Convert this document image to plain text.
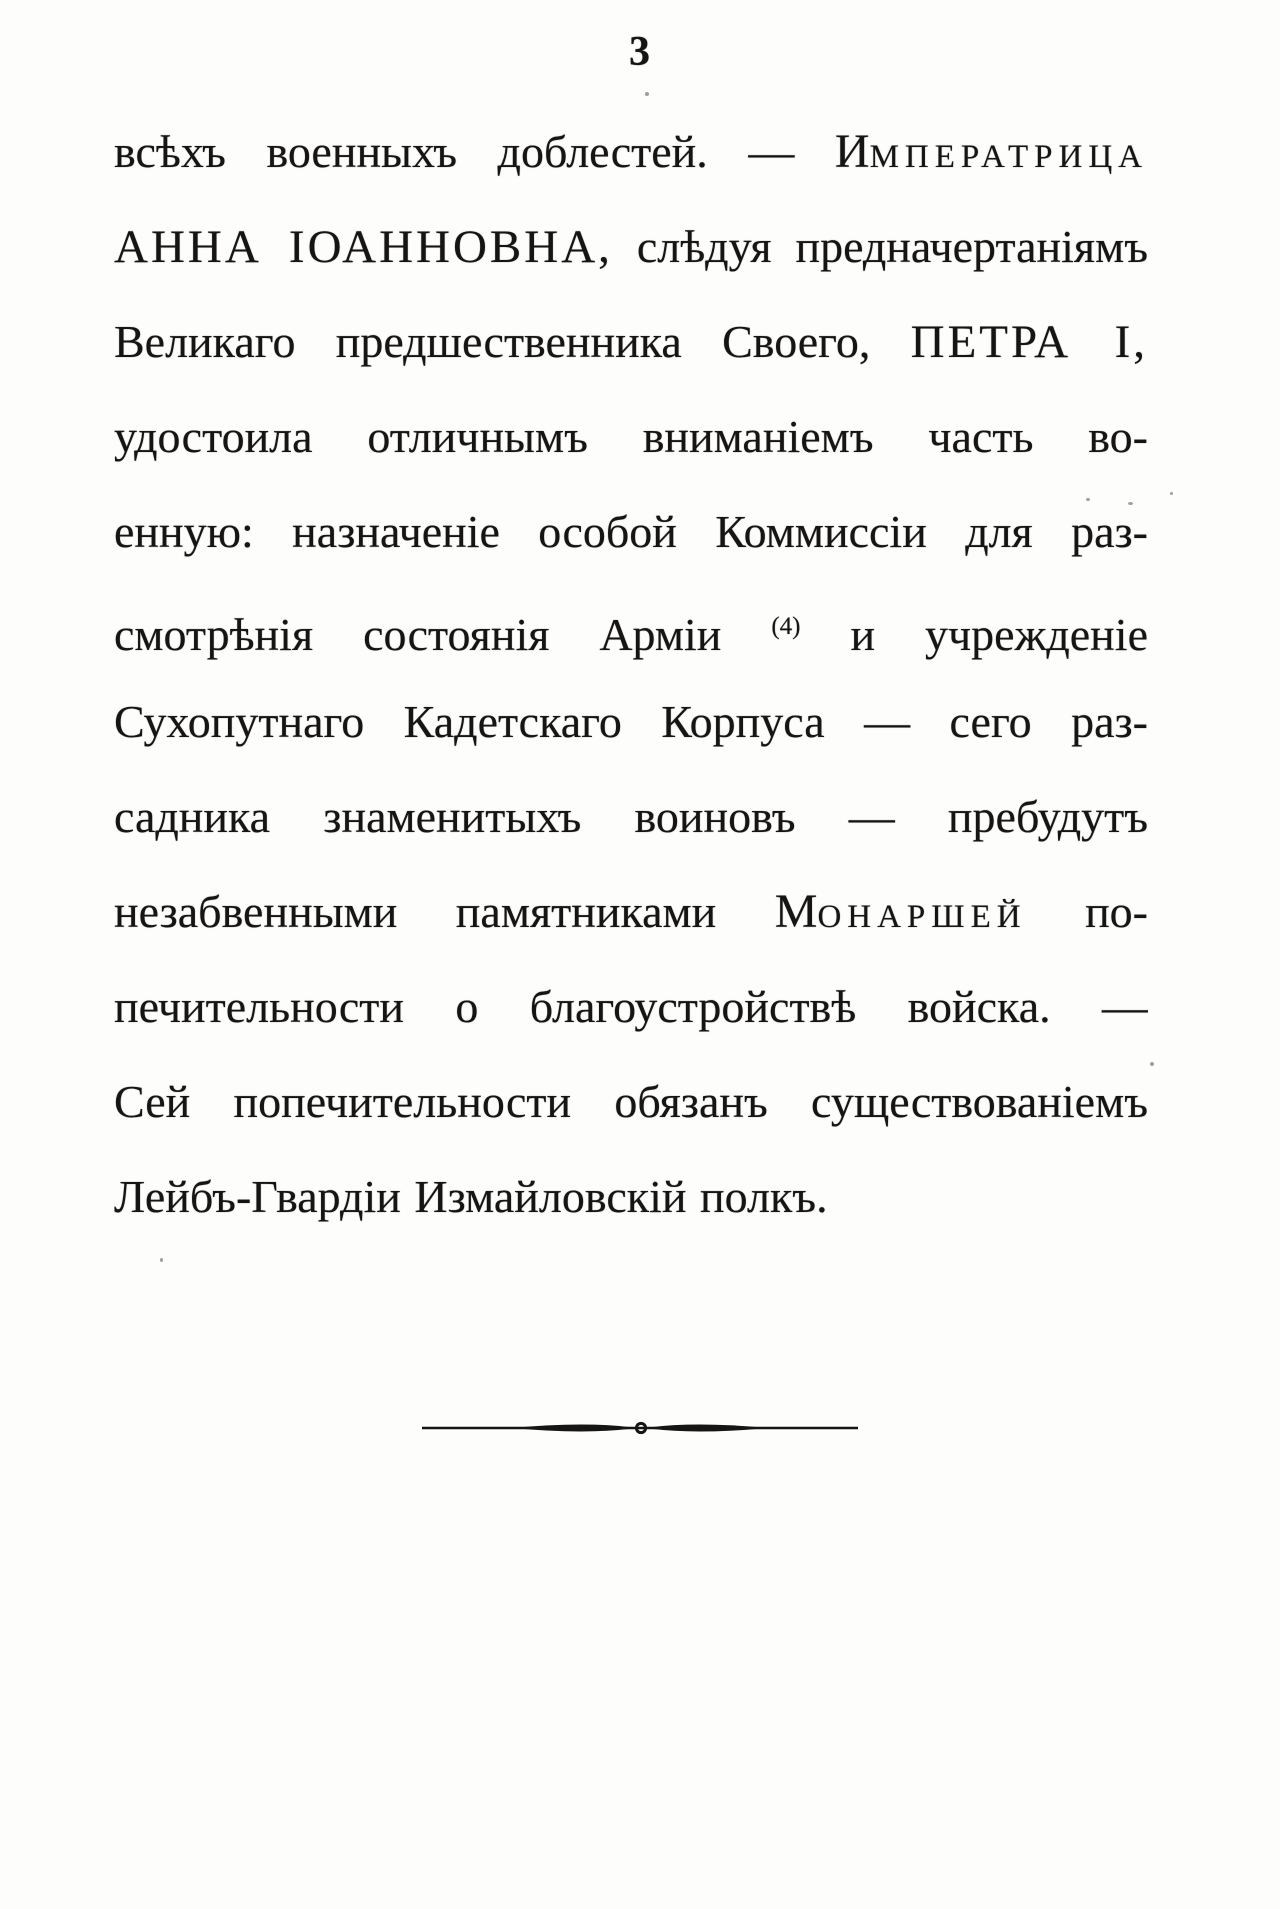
3
всѣхъ военныхъ доблестей. — ИМПЕРАТРИЦА
АННА ІОАННОВНА, слѣдуя предначертаніямъ
Великаго предшественника Своего, ПЕТРА I,
удостоила отличнымъ вниманіемъ часть во-
енную: назначеніе особой Коммиссіи для раз-
смотрѣнія состоянія Арміи $^{(4)}$ и учрежденіе
Сухопутнаго Кадетскаго Корпуса — сего раз-
садника знаменитыхъ воиновъ — пребудутъ
незабвенными памятниками МОНАРШЕЙ по-
печительности о благоустройствѣ войска. —
Сей попечительности обязанъ существованіемъ
Лейбъ-Гвардіи Измайловскій полкъ.
